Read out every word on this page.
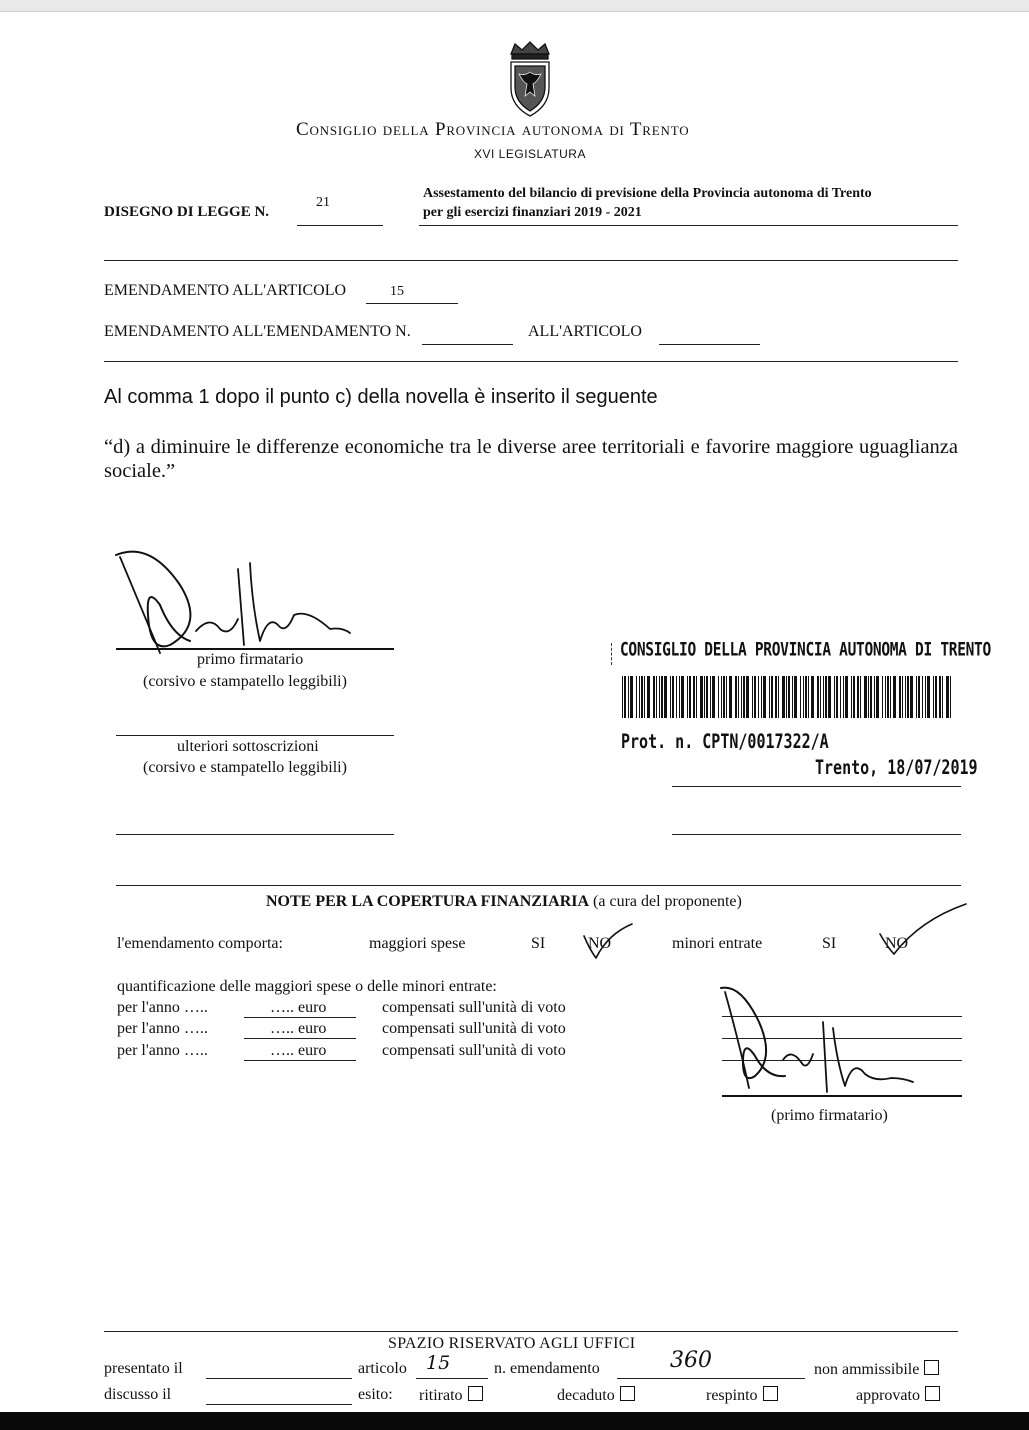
Consiglio della Provincia autonoma di Trento
XVI LEGISLATURA
DISEGNO DI LEGGE N.
21
Assestamento del bilancio di previsione della Provincia autonoma di Trento
per gli esercizi finanziari 2019 - 2021
EMENDAMENTO ALL'ARTICOLO	15
EMENDAMENTO ALL'EMENDAMENTO N.	ALL'ARTICOLO
Al comma 1 dopo il punto c) della novella è inserito il seguente
“d) a diminuire le differenze economiche tra le diverse aree territoriali e favorire maggiore uguaglianza sociale.”
primo firmatario
(corsivo e stampatello leggibili)
ulteriori sottoscrizioni
(corsivo e stampatello leggibili)
CONSIGLIO DELLA PROVINCIA AUTONOMA DI TRENTO
Prot. n. CPTN/0017322/A
Trento, 18/07/2019
NOTE PER LA COPERTURA FINANZIARIA (a cura del proponente)
l'emendamento comporta:	maggiori spese	SI	NO	minori entrate	SI	NO
quantificazione delle maggiori spese o delle minori entrate:
per l'anno …..	….. euro	compensati sull'unità di voto
per l'anno …..	….. euro	compensati sull'unità di voto
per l'anno …..	….. euro	compensati sull'unità di voto
(primo firmatario)
SPAZIO RISERVATO AGLI UFFICI
presentato il	articolo 15	n. emendamento	360	non ammissibile
discusso il	esito: ritirato	decaduto	respinto	approvato
